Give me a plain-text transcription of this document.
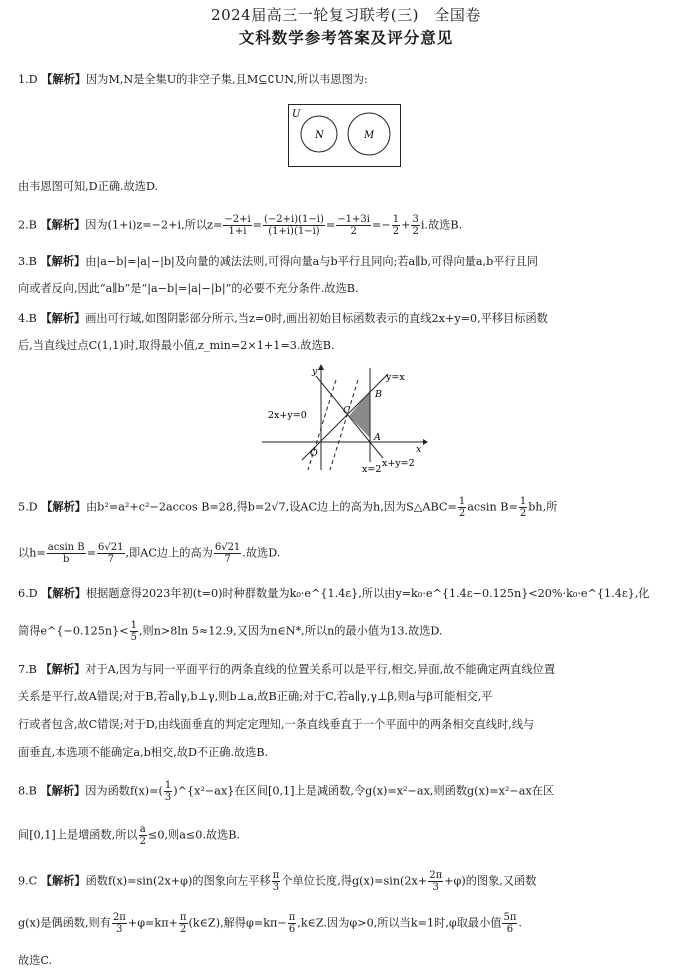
2024届高三一轮复习联考(三)　全国卷
文科数学参考答案及评分意见
1.D 【解析】因为M,N是全集U的非空子集,且M⊆∁UN,所以韦恩图为:
U
N	M
由韦恩图可知,D正确.故选D.
2.B 【解析】因为(1+i)z=−2+i,所以$z= \frac{-2+i}{1+i} = \frac{(-2+i)(1-i)}{(1+i)(1-i)} = \frac{-1+3i}{2} =- \frac{1}{2} + \frac{3}{2} i$.故选B.
3.B 【解析】由|a−b|=|a|−|b|及向量的减法法则,可得向量a与b平行且同向;若a∥b,可得向量a,b平行且同
向或者反向,因此“a∥b”是“|a−b|=|a|−|b|”的必要不充分条件.故选B.
4.B 【解析】画出可行域,如图阴影部分所示,当z=0时,画出初始目标函数表示的直线2x+y=0,平移目标函数
后,当直线过点C(1,1)时,取得最小值,z_min=2×1+1=3.故选B.
2x+y=0
y=x
x=2
x+y=2
B
C
A
O	x
y
5.D 【解析】由b²=a²+c²−2accos B=28,得b=2√7,设AC边上的高为h,因为S△ABC= $\frac{1}{2}$ acsin $B= \frac{1}{2}$ bh,所
以$h= \frac{\text{acsin B}}{b} = \frac{6√21}{7}$ ,即AC边上的高为 $\frac{6√21}{7}$ .故选D.
6.D 【解析】根据题意得2023年初(t=0)时种群数量为k₀·e^{1.4ε},所以由y=k₀·e^{1.4ε−0.125n}<20%·k₀·e^{1.4ε},化
简得e^{−0.125n}< $\frac{1}{5}$ ,则n>8ln 5≈12.9,又因为n∈N*,所以n的最小值为13.故选D.
7.B 【解析】对于A,因为与同一平面平行的两条直线的位置关系可以是平行,相交,异面,故不能确定两直线位置
关系是平行,故A错误;对于B,若a∥γ,b⊥γ,则b⊥a,故B正确;对于C,若a∥γ,γ⊥β,则a与β可能相交,平
行或者包含,故C错误;对于D,由线面垂直的判定定理知,一条直线垂直于一个平面中的两条相交直线时,线与
面垂直,本选项不能确定a,b相交,故D不正确.故选B.
8.B 【解析】因为函数$f(x)=( \frac{1}{3}$ )^{x²−ax}在区间[0,1]上是减函数,令g(x)=x²−ax,则函数g(x)=x²−ax在区
间[0,1]上是增函数,所以 $\frac{a}{2} \le 0$,则a≤0.故选B.
9.C 【解析】函数f(x)=sin(2x+φ)的图象向左平移 $\frac{\pi}{3}$ 个单位长度,得$g(x)=\sin(2x+ \frac{2\pi}{3} +\varphi)$的图象,又函数
g(x)是偶函数,则有 $\frac{2\pi}{3} +\varphi=k\pi+ \frac{\pi}{2}$ (k∈Z),解得$\varphi=k\pi- \frac{\pi}{6}$ ,k∈Z.因为φ>0,所以当k=1时,φ取最小值 $\frac{5\pi}{6}$ .
故选C.
